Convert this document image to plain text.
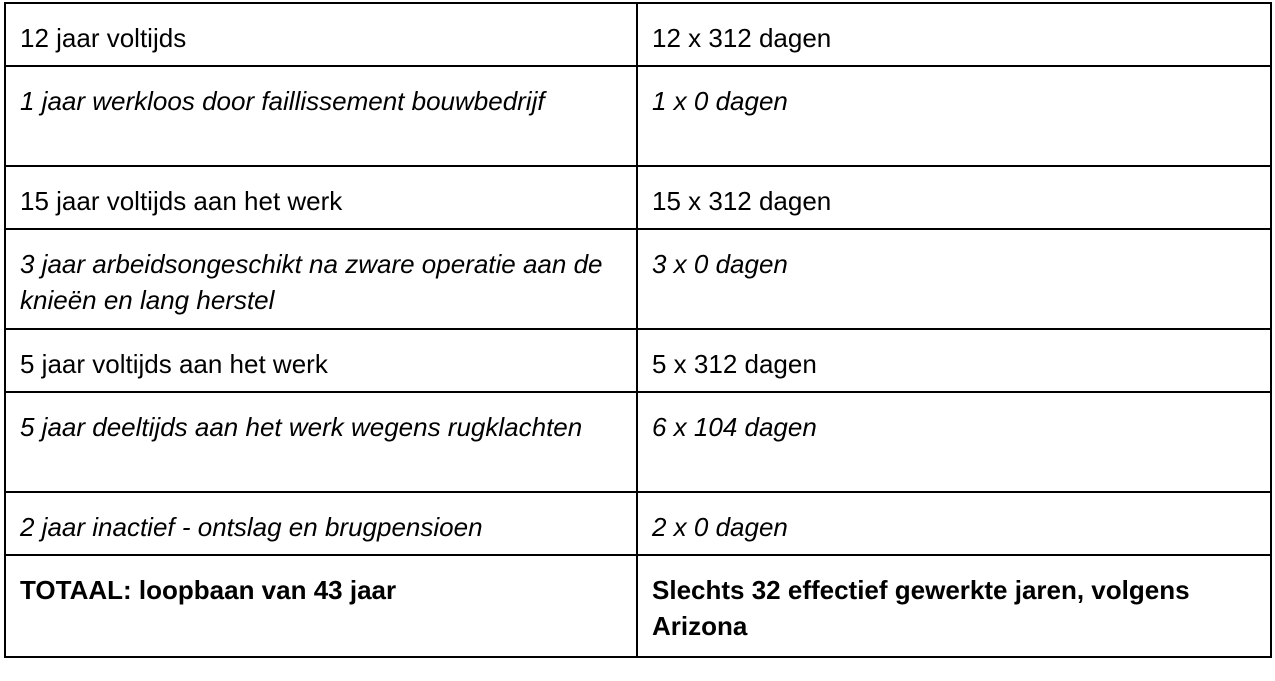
12 jaar voltijds	12 x 312 dagen
1 jaar werkloos door faillissement bouwbedrijf	1 x 0 dagen
15 jaar voltijds aan het werk	15 x 312 dagen
3 jaar arbeidsongeschikt na zware operatie aan de knieën en lang herstel	3 x 0 dagen
5 jaar voltijds aan het werk	5 x 312 dagen
5 jaar deeltijds aan het werk wegens rugklachten	6 x 104 dagen
2 jaar inactief - ontslag en brugpensioen	2 x 0 dagen
TOTAAL: loopbaan van 43 jaar	Slechts 32 effectief gewerkte jaren, volgens Arizona
